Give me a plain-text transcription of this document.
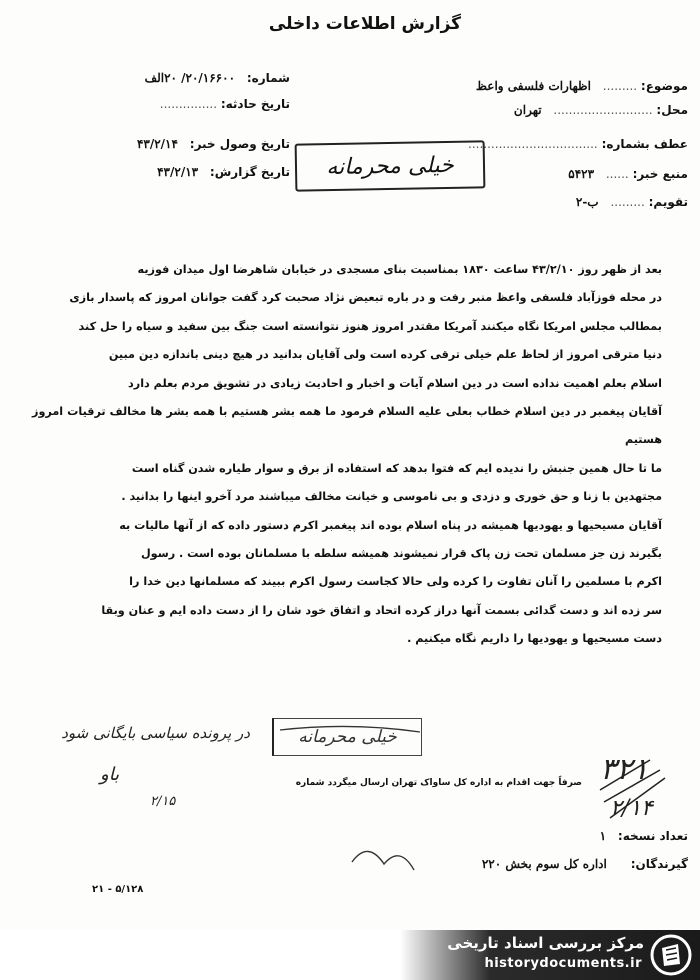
گزارش اطلاعات داخلی
موضوع: ......... اظهارات فلسفی واعظ
محل: .......................... تهران
عطف بشماره: ..................................
منبع خبر: ...... ۵۴۲۳
تقویم: ......... ب-۲
شماره: ۲۰/۱۶۶۰۰/ ۲۰الف
تاریخ حادثه: ...............
تاریخ وصول خبر: ۴۳/۲/۱۴
تاریخ گزارش: ۴۳/۲/۱۳	خیلی محرمانه

بعد از ظهر روز ۴۳/۲/۱۰ ساعت ۱۸۳۰ بمناسبت بنای مسجدی در خیابان شاهرضا اول میدان فوزیه

در محله فوزآباد فلسفی واعظ منبر رفت و در باره تبعیض نژاد صحبت کرد گفت جوانان امروز که پاسدار بازی

بمطالب مجلس امریکا نگاه میکنند آمریکا مقتدر امروز هنوز نتوانسته است جنگ بین سفید و سیاه را حل کند

دنیا مترقی امروز از لحاظ علم خیلی ترقی کرده است ولی آقایان بدانید در هیچ دینی باندازه دین مبین

اسلام بعلم اهمیت نداده است در دین اسلام آیات و اخبار و احادیث زیادی در تشویق مردم بعلم دارد

آقایان پیغمبر در دین اسلام خطاب بعلی علیه السلام فرمود ما همه بشر هستیم با همه بشر ها مخالف ترقیات امروز هستیم

ما تا حال همین جنبش را ندیده ایم که فتوا بدهد که استفاده از برق و سوار طیاره شدن گناه است

مجتهدین با زنا و حق خوری و دزدی و بی ناموسی و خیانت مخالف میباشند مرد آخرو اینها را بدانید .

آقایان مسیحیها و یهودیها همیشه در پناه اسلام بوده اند پیغمبر اکرم دستور داده که از آنها مالیات به

بگیرند زن جز مسلمان تحت زن پاک قرار نمیشوند همیشه سلطه با مسلمانان بوده است . رسول

اکرم با مسلمین را آنان تفاوت را کرده ولی حالا کجاست رسول اکرم ببیند که مسلمانها دین خدا را

سر زده اند و دست گدائی بسمت آنها دراز کرده اتحاد و اتفاق خود شان را از دست داده ایم و عنان وبقا

دست مسیحیها و یهودیها را داریم نگاه میکنیم .

در پرونده سیاسی بایگانی شود
باو
۲/۱۵
خیلی محرمانه
صرفاً جهت اقدام به اداره کل ساواک تهران ارسال میگردد شماره
تعداد نسخه: ۱
گیرندگان: اداره کل سوم بخش ۲۲۰
۳۲۱
۲/۱۴
۲۱ - ۵/۱۲۸
مرکز بررسی اسناد تاریخی
historydocuments.ir
